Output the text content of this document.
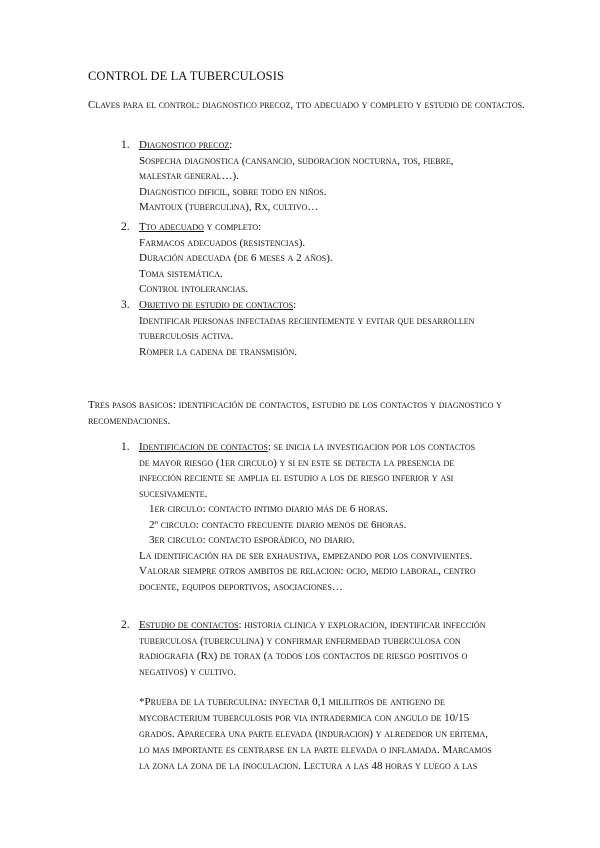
CONTROL DE LA TUBERCULOSIS
Claves para el control: diagnostico precoz, tto adecuado y completo y estudio de contactos.
1. Diagnostico precoz:
Sospecha diagnostica (cansancio, sudoracion nocturna, tos, fiebre,
malestar general…).
Diagnostico dificil, sobre todo en niños.
Mantoux (tuberculina), Rx, cultivo…
2. Tto adecuado y completo:
Farmacos adecuados (resistencias).
Duración adecuada (de 6 meses a 2 años).
Toma sistemática.
Control intolerancias.
3. Objetivo de estudio de contactos:
Identificar personas infectadas recientemente y evitar que desarrollen
tuberculosis activa.
Romper la cadena de transmisión.
Tres pasos basicos: identificación de contactos, estudio de los contactos y diagnostico y recomendaciones.
1. Identificacion de contactos: se inicia la investigacion por los contactos
de mayor riesgo (1er circulo) y si en este se detecta la presencia de
infección reciente se amplia el estudio a los de riesgo inferior y asi
sucesivamente.
1er circulo: contacto intimo diario más de 6 horas.
2º circulo: contacto frecuente diario menos de 6horas.
3er circulo: contacto esporádico, no diario.
La identificación ha de ser exhaustiva, empezando por los convivientes.
Valorar siempre otros ambitos de relacion: ocio, medio laboral, centro
docente, equipos deportivos, asociaciones…
2. Estudio de contactos: historia clinica y exploracion, identificar infección
tuberculosa (tuberculina) y confirmar enfermedad tuberculosa con
radiografia (Rx) de torax (a todos los contactos de riesgo positivos o
negativos) y cultivo.
*Prueba de la tuberculina: inyectar 0,1 mililitros de antigeno de
mycobacterium tuberculosis por via intradermica con angulo de 10/15
grados. Aparecera una parte elevada (induracion) y alrededor un eritema,
lo mas importante es centrarse en la parte elevada o inflamada. Marcamos
la zona la zona de la inoculacion. Lectura a las 48 horas y luego a las
